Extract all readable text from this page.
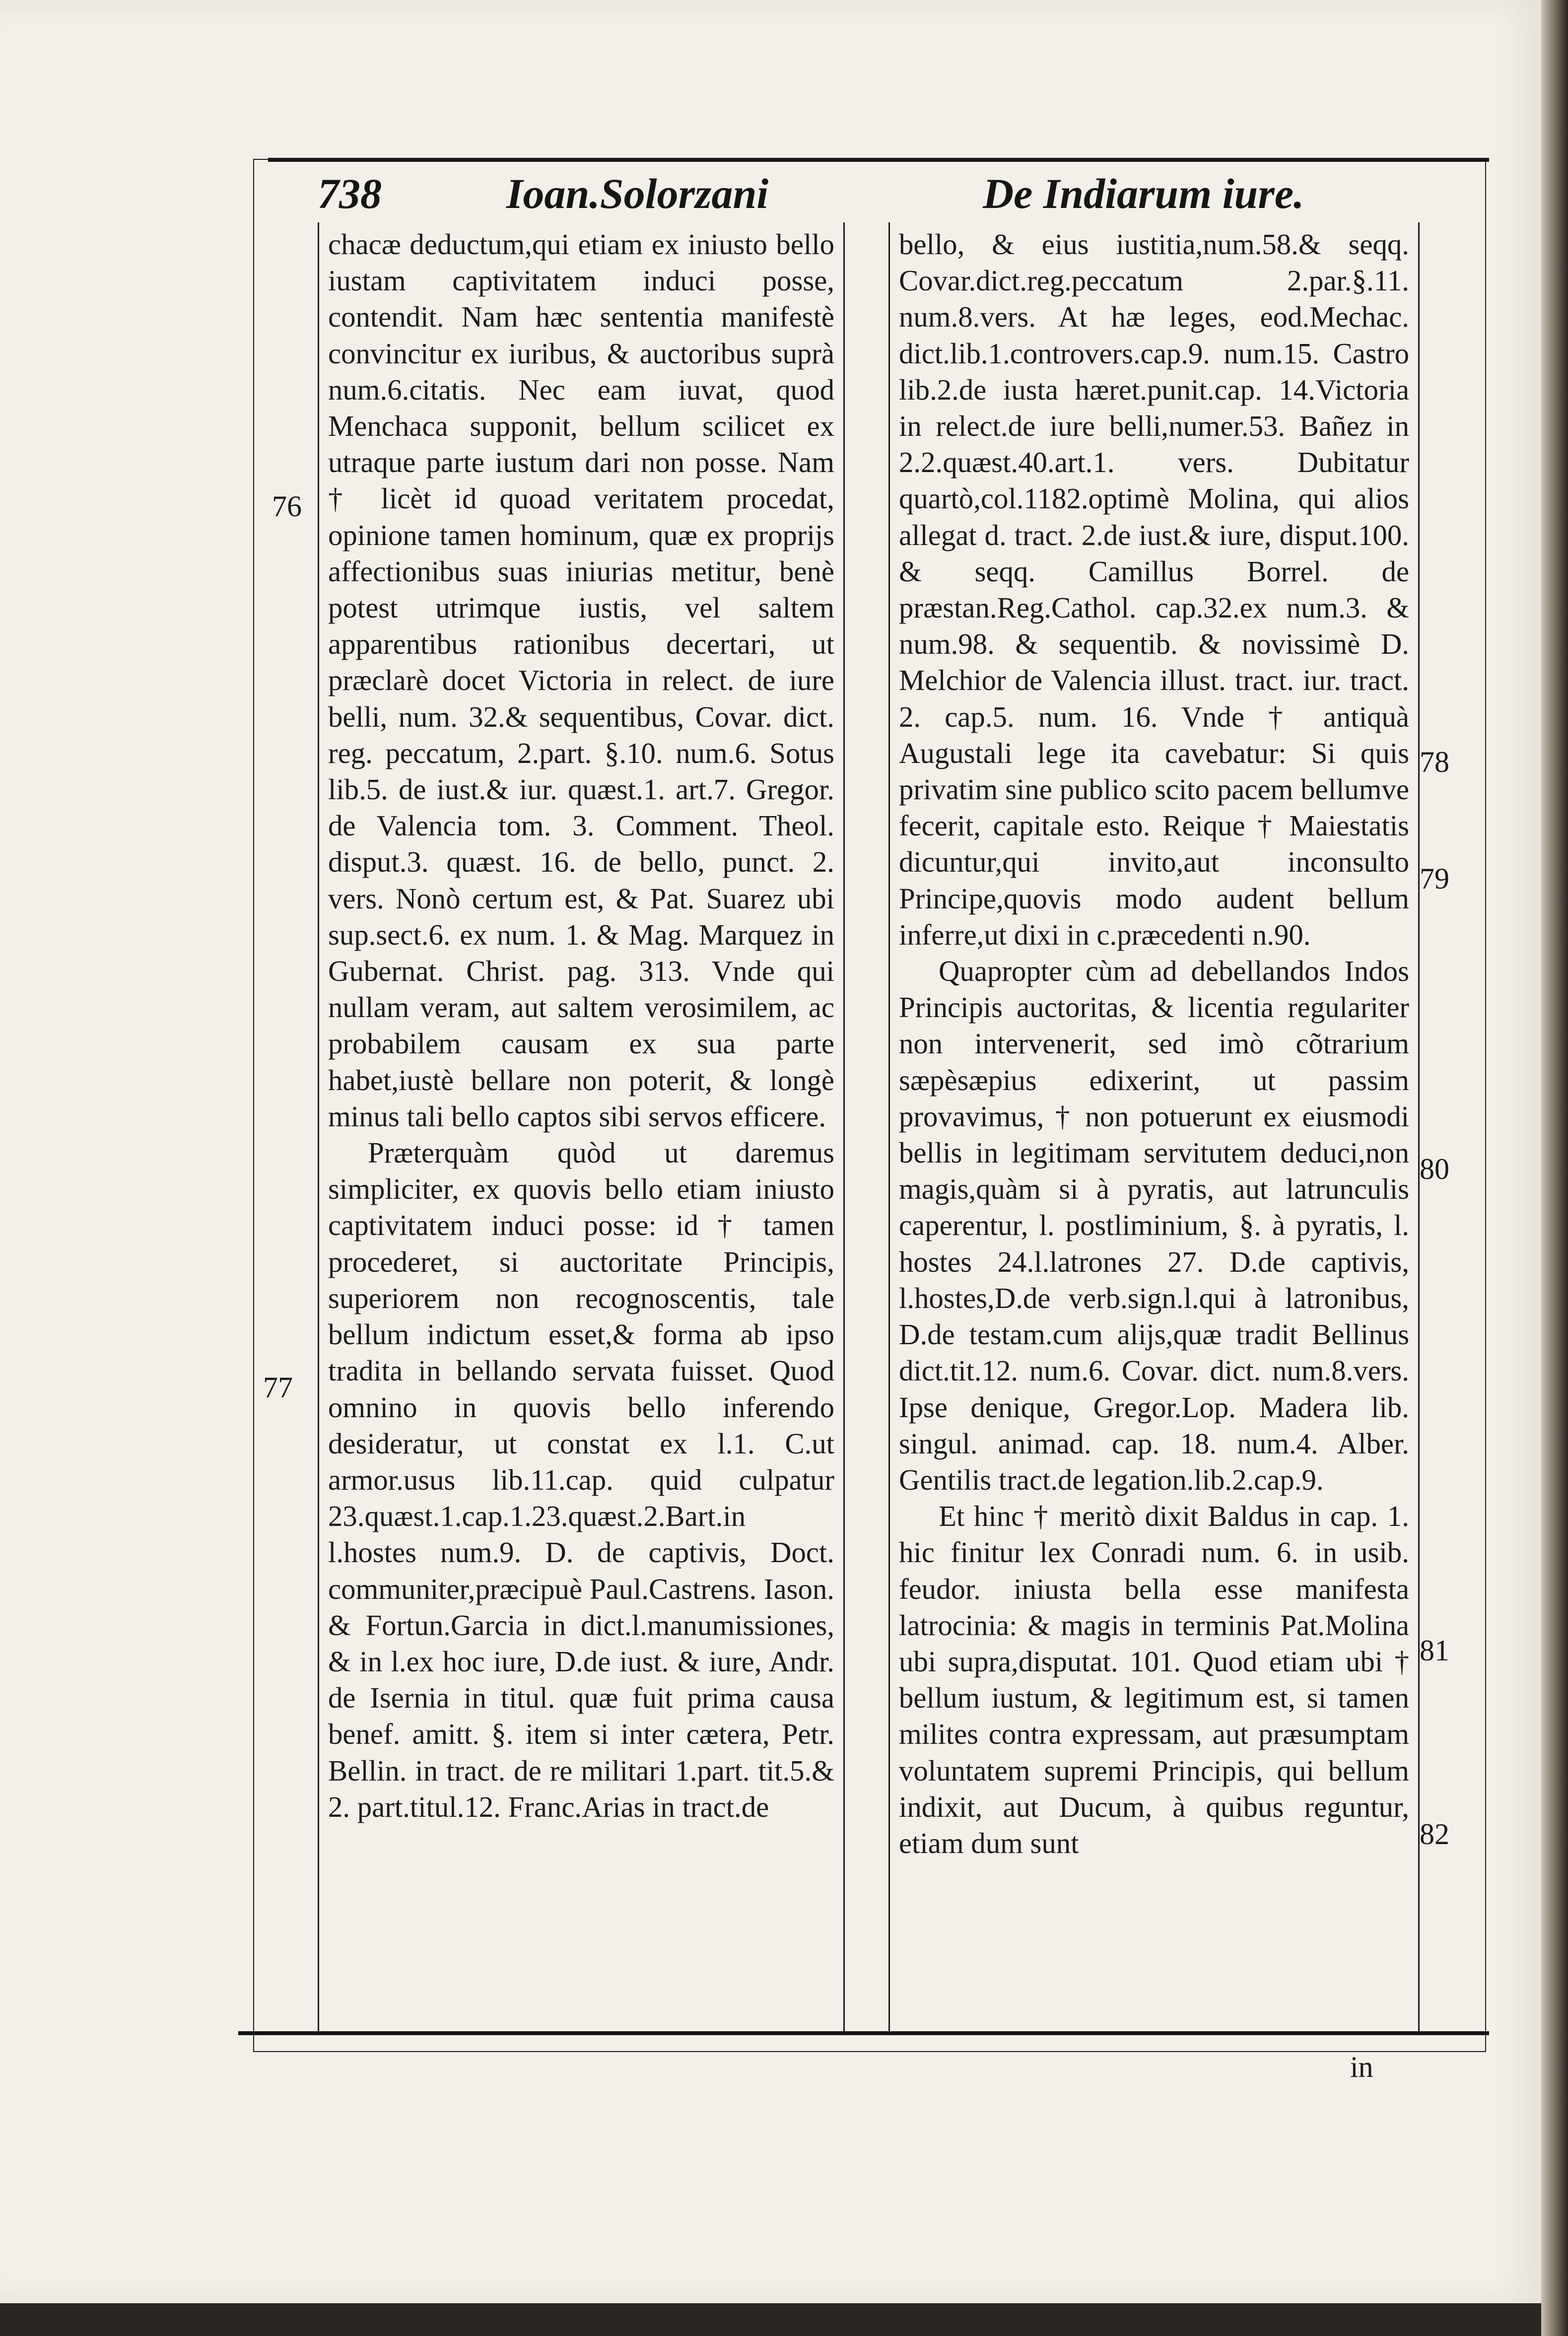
738	Ioan.Solorzani	De Indiarum iure.

chacæ deductum,qui etiam ex iniusto bello iustam captivitatem induci posse, contendit. Nam hæc sententia manifestè convincitur ex iuribus, & auctoribus suprà num.6.citatis. Nec eam iuvat, quod Menchaca supponit, bellum scilicet ex utraque parte iustum dari non posse. Nam † licèt id quoad veritatem procedat, opinione tamen hominum, quæ ex proprijs affectionibus suas iniurias metitur, benè potest utrimque iustis, vel saltem apparentibus rationibus decertari, ut præclarè docet Victoria in relect. de iure belli, num. 32.& sequentibus, Covar. dict. reg. peccatum, 2.part. §.10. num.6. Sotus lib.5. de iust.& iur. quæst.1. art.7. Gregor. de Valencia tom. 3. Comment. Theol. disput.3. quæst. 16. de bello, punct. 2. vers. Nonò certum est, & Pat. Suarez ubi sup.sect.6. ex num. 1. & Mag. Marquez in Gubernat. Christ. pag. 313. Vnde qui nullam veram, aut saltem verosimilem, ac probabilem causam ex sua parte habet,iustè bellare non poterit, & longè minus tali bello captos sibi servos efficere.

Præterquàm quòd ut daremus simpliciter, ex quovis bello etiam iniusto captivitatem induci posse: id † tamen procederet, si auctoritate Principis, superiorem non recognoscentis, tale bellum indictum esset,& forma ab ipso tradita in bellando servata fuisset. Quod omnino in quovis bello inferendo desideratur, ut constat ex l.1. C.ut armor.usus lib.11.cap. quid culpatur 23.quæst.1.cap.1.23.quæst.2.Bart.in l.hostes num.9. D. de captivis, Doct. communiter,præcipuè Paul.Castrens. Iason. & Fortun.Garcia in dict.l.manumissiones, & in l.ex hoc iure, D.de iust. & iure, Andr. de Isernia in titul. quæ fuit prima causa benef. amitt. §. item si inter cætera, Petr. Bellin. in tract. de re militari 1.part. tit.5.& 2. part.titul.12. Franc.Arias in tract.de

bello, & eius iustitia,num.58.& seqq. Covar.dict.reg.peccatum 2.par.§.11. num.8.vers. At hæ leges, eod.Mechac. dict.lib.1.controvers.cap.9. num.15. Castro lib.2.de iusta hæret.punit.cap. 14.Victoria in relect.de iure belli,numer.53. Bañez in 2.2.quæst.40.art.1. vers. Dubitatur quartò,col.1182.optimè Molina, qui alios allegat d. tract. 2.de iust.& iure, disput.100. & seqq. Camillus Borrel. de præstan.Reg.Cathol. cap.32.ex num.3. & num.98. & sequentib. & novissimè D. Melchior de Valencia illust. tract. iur. tract. 2. cap.5. num. 16. Vnde † antiquà Augustali lege ita cavebatur: Si quis privatim sine publico scito pacem bellumve fecerit, capitale esto. Reique † Maiestatis dicuntur,qui invito,aut inconsulto Principe,quovis modo audent bellum inferre,ut dixi in c.præcedenti n.90.

Quapropter cùm ad debellandos Indos Principis auctoritas, & licentia regulariter non intervenerit, sed imò cõtrarium sæpèsæpius edixerint, ut passim provavimus, † non potuerunt ex eiusmodi bellis in legitimam servitutem deduci,non magis,quàm si à pyratis, aut latrunculis caperentur, l. postliminium, §. à pyratis, l. hostes 24.l.latrones 27. D.de captivis, l.hostes,D.de verb.sign.l.qui à latronibus, D.de testam.cum alijs,quæ tradit Bellinus dict.tit.12. num.6. Covar. dict. num.8.vers. Ipse denique, Gregor.Lop. Madera lib. singul. animad. cap. 18. num.4. Alber. Gentilis tract.de legation.lib.2.cap.9.

Et hinc † meritò dixit Baldus in cap. 1. hic finitur lex Conradi num. 6. in usib. feudor. iniusta bella esse manifesta latrocinia: & magis in terminis Pat.Molina ubi supra,disputat. 101. Quod etiam ubi † bellum iustum, & legitimum est, si tamen milites contra expressam, aut præsumptam voluntatem supremi Principis, qui bellum indixit, aut Ducum, à quibus reguntur, etiam dum sunt

76
77
78
79
80
81
82
in
